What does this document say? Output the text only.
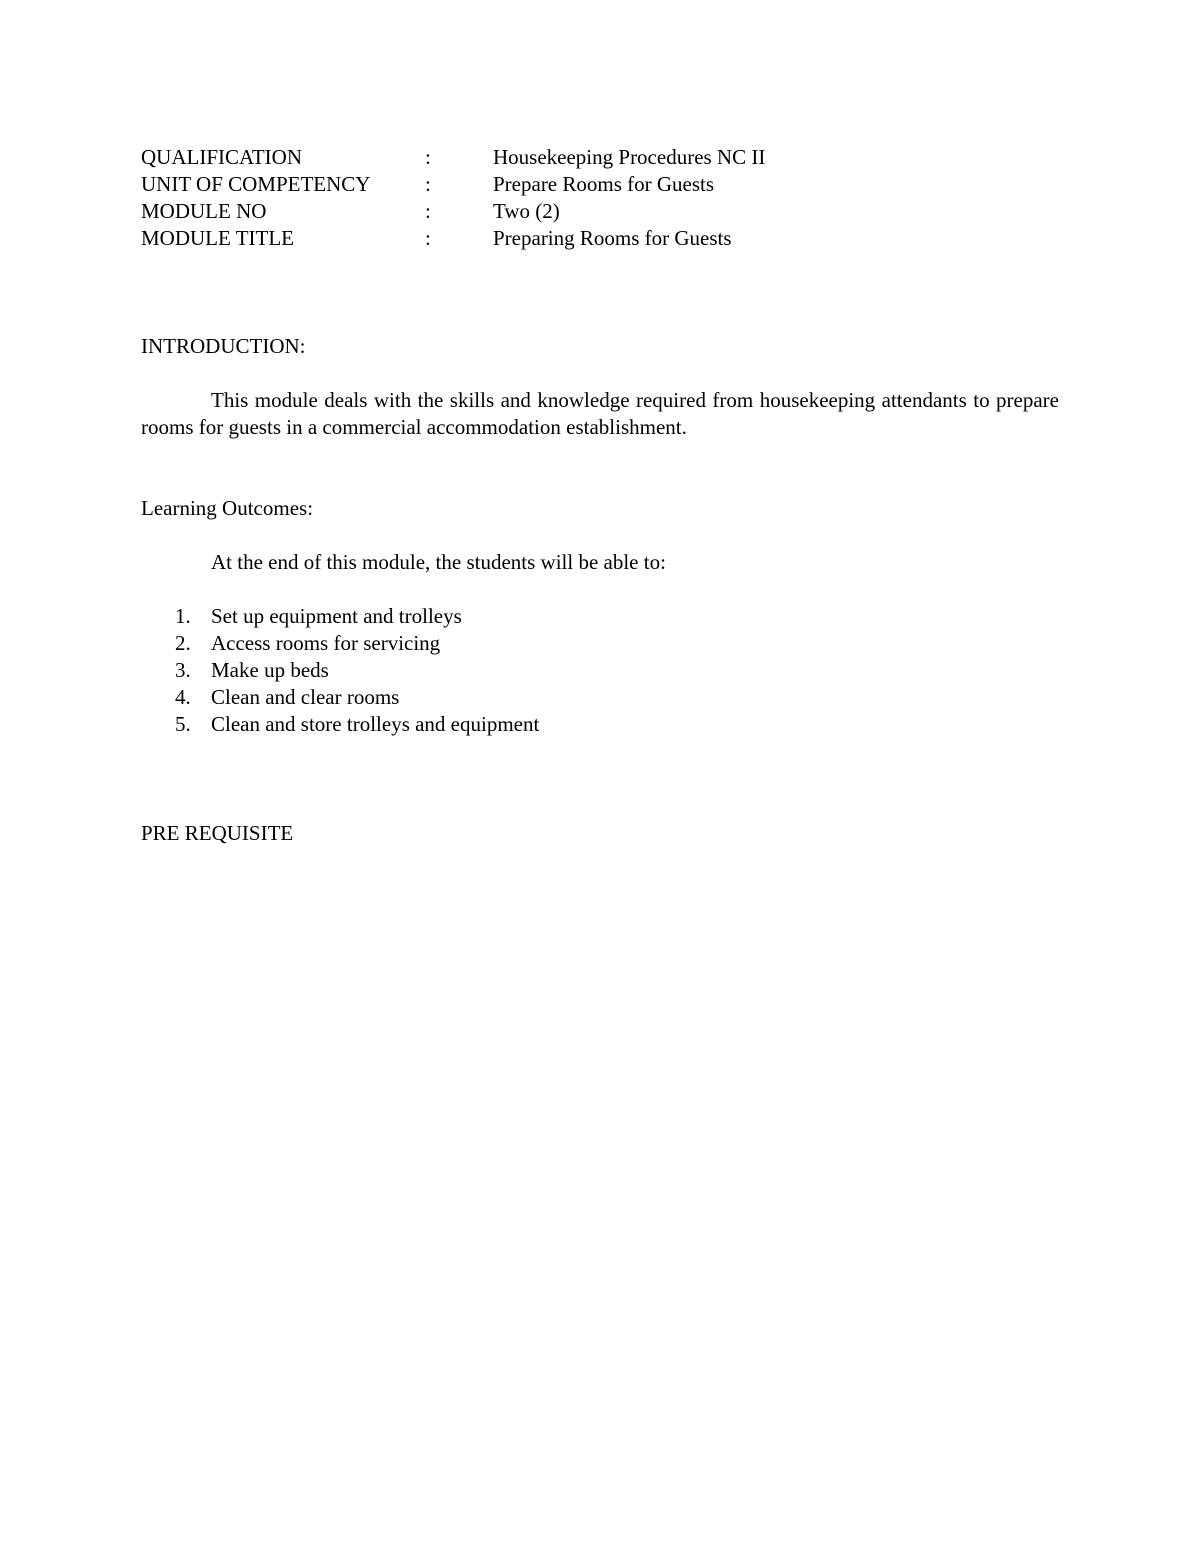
QUALIFICATION	:	Housekeeping Procedures NC II
UNIT OF COMPETENCY	:	Prepare Rooms for Guests
MODULE NO	:	Two (2)
MODULE TITLE	:	Preparing Rooms for Guests
INTRODUCTION:
This module deals with the skills and knowledge required from housekeeping attendants to prepare rooms for guests in a commercial accommodation establishment.
Learning Outcomes:
At the end of this module, the students will be able to:
1. Set up equipment and trolleys
2. Access rooms for servicing
3. Make up beds
4. Clean and clear rooms
5. Clean and store trolleys and equipment
PRE REQUISITE
